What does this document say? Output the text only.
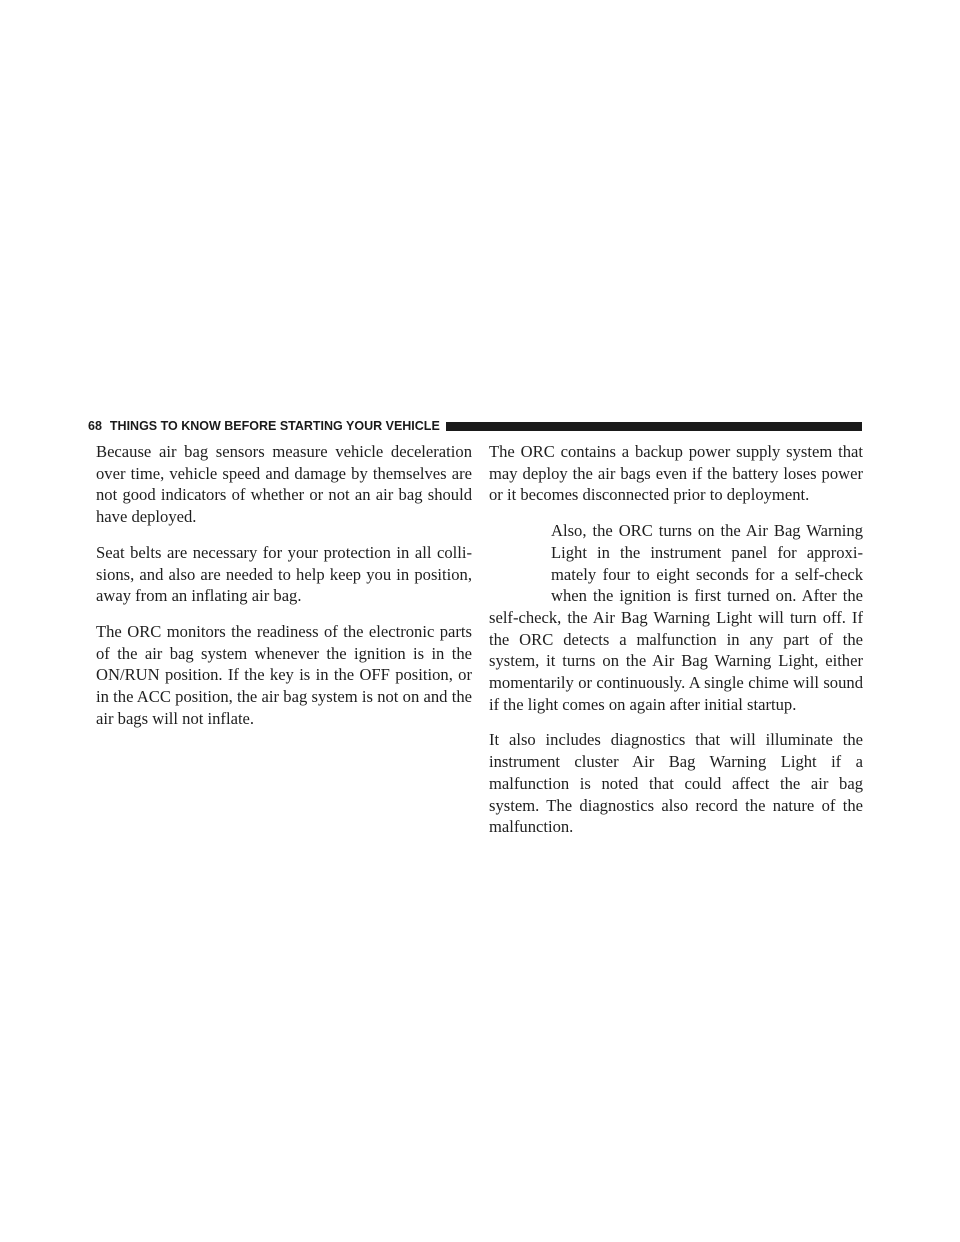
68 THINGS TO KNOW BEFORE STARTING YOUR VEHICLE

Because air bag sensors measure vehicle deceleration over time, vehicle speed and damage by themselves are not good indicators of whether or not an air bag should have deployed.

Seat belts are necessary for your protection in all collisions, and also are needed to help keep you in position, away from an inflating air bag.

The ORC monitors the readiness of the electronic parts of the air bag system whenever the ignition is in the ON/RUN position. If the key is in the OFF position, or in the ACC position, the air bag system is not on and the air bags will not inflate.

The ORC contains a backup power supply system that may deploy the air bags even if the battery loses power or it becomes disconnected prior to deployment.

Also, the ORC turns on the Air Bag Warning Light in the instrument panel for approximately four to eight seconds for a self-check when the ignition is first turned on. After the self-check, the Air Bag Warning Light will turn off. If the ORC detects a malfunction in any part of the system, it turns on the Air Bag Warning Light, either momentarily or continuously. A single chime will sound if the light comes on again after initial startup.

It also includes diagnostics that will illuminate the instrument cluster Air Bag Warning Light if a malfunction is noted that could affect the air bag system. The diagnostics also record the nature of the malfunction.
